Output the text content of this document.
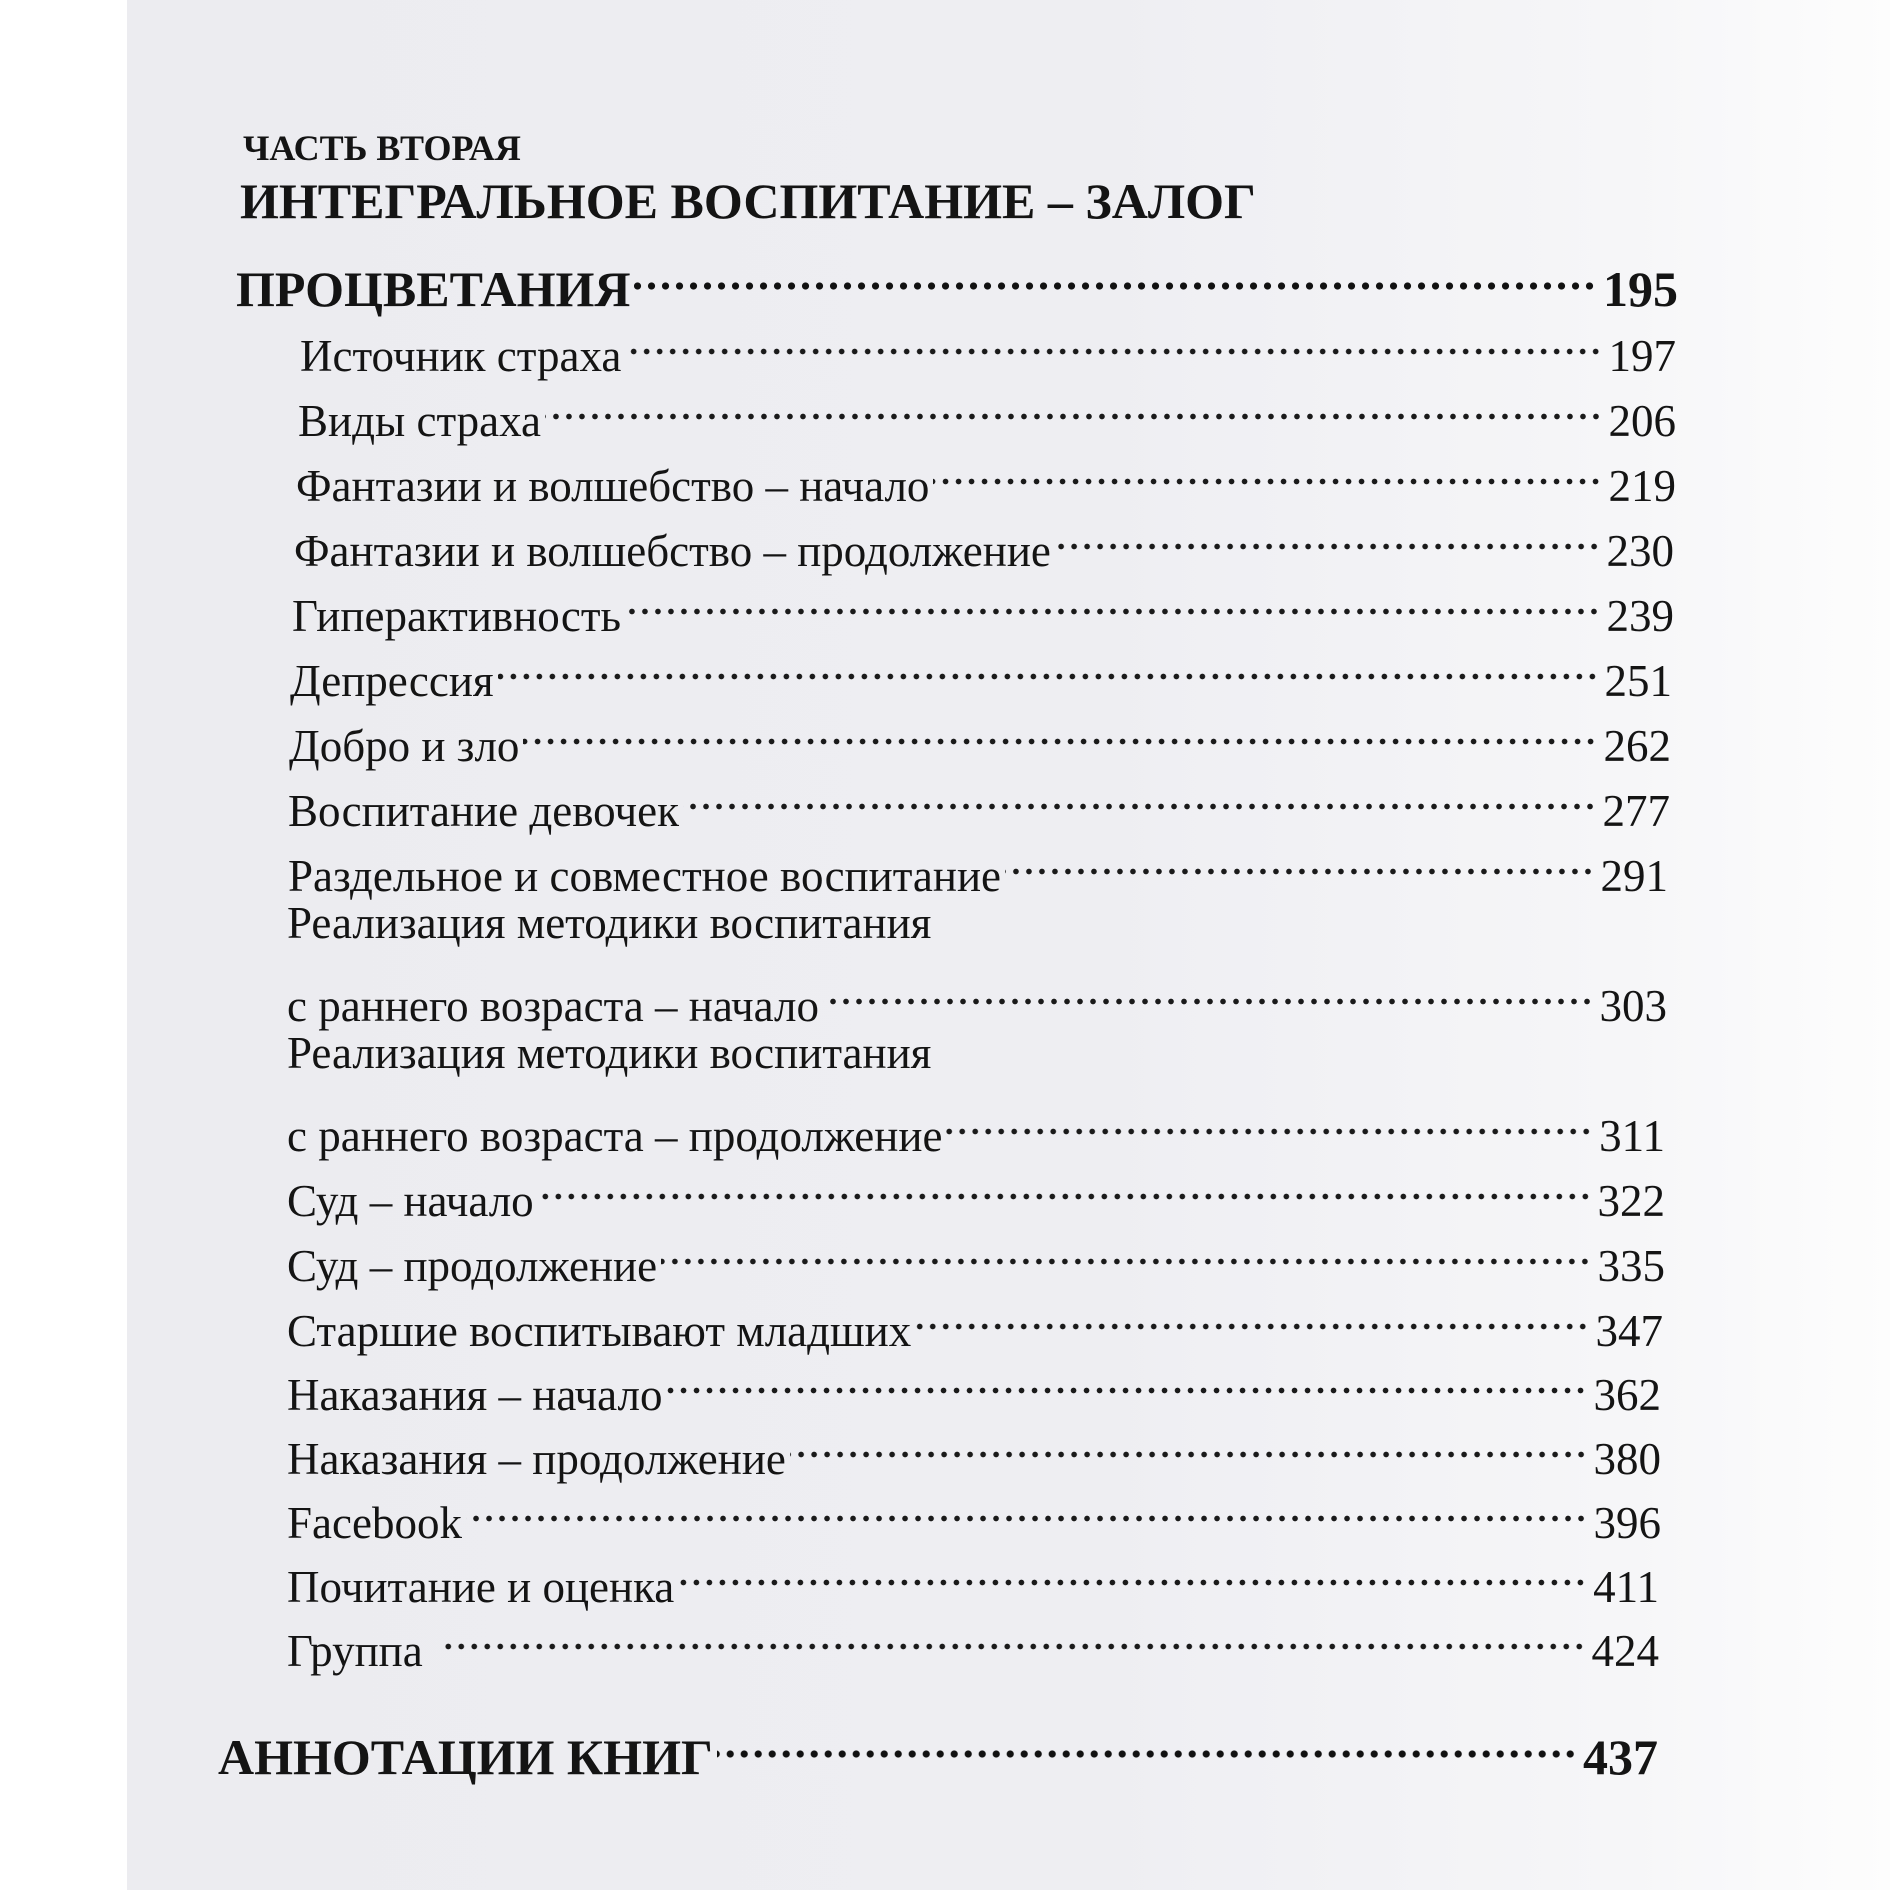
ЧАСТЬ ВТОРАЯ
ИНТЕГРАЛЬНОЕ ВОСПИТАНИЕ – ЗАЛОГ
ПРОЦВЕТАНИЯ	195
Источник страха	197
Виды страха	206
Фантазии и волшебство – начало	219
Фантазии и волшебство – продолжение	230
Гиперактивность	239
Депрессия	251
Добро и зло	262
Воспитание девочек	277
Раздельное и совместное воспитание	291
Реализация методики воспитания
с раннего возраста – начало	303
Реализация методики воспитания
с раннего возраста – продолжение	311
Суд – начало	322
Суд – продолжение	335
Старшие воспитывают младших	347
Наказания – начало	362
Наказания – продолжение	380
Facebook	396
Почитание и оценка	411
Группа	424
АННОТАЦИИ КНИГ	437
